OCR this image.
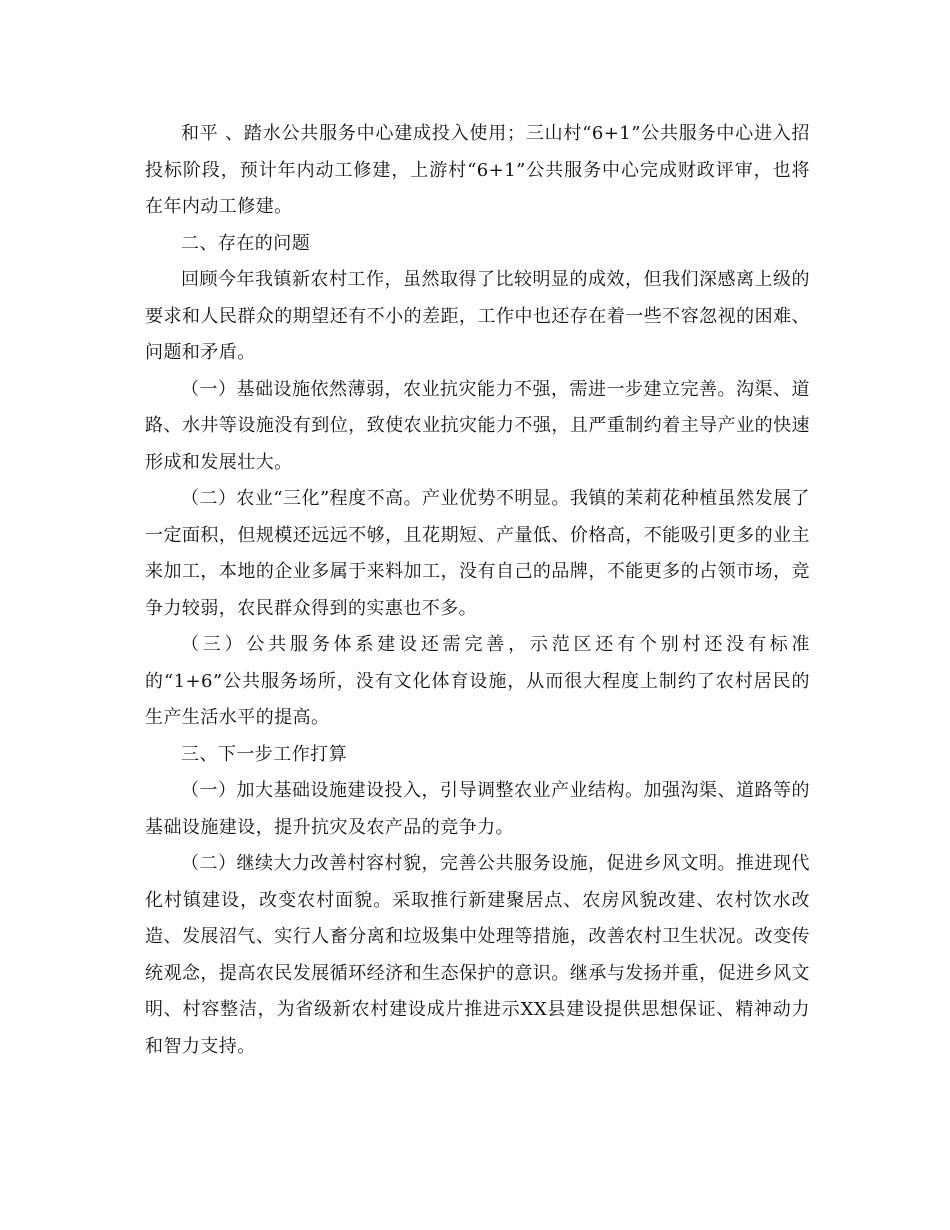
和平 、踏水公共服务中心建成投入使用；三山村“6+1”公共服务中心进入招投标阶段，预计年内动工修建，上游村“6+1”公共服务中心完成财政评审，也将在年内动工修建。

二、存在的问题

回顾今年我镇新农村工作，虽然取得了比较明显的成效，但我们深感离上级的要求和人民群众的期望还有不小的差距，工作中也还存在着一些不容忽视的困难、问题和矛盾。

（一）基础设施依然薄弱，农业抗灾能力不强，需进一步建立完善。沟渠、道路、水井等设施没有到位，致使农业抗灾能力不强，且严重制约着主导产业的快速形成和发展壮大。

（二）农业“三化”程度不高。产业优势不明显。我镇的茉莉花种植虽然发展了一定面积，但规模还远远不够，且花期短、产量低、价格高，不能吸引更多的业主来加工，本地的企业多属于来料加工，没有自己的品牌，不能更多的占领市场，竞争力较弱，农民群众得到的实惠也不多。

（三）公共服务体系建设还需完善，示范区还有个别村还没有标准的“1+6”公共服务场所，没有文化体育设施，从而很大程度上制约了农村居民的生产生活水平的提高。

三、下一步工作打算

（一）加大基础设施建设投入，引导调整农业产业结构。加强沟渠、道路等的基础设施建设，提升抗灾及农产品的竞争力。

（二）继续大力改善村容村貌，完善公共服务设施，促进乡风文明。推进现代化村镇建设，改变农村面貌。采取推行新建聚居点、农房风貌改建、农村饮水改造、发展沼气、实行人畜分离和垃圾集中处理等措施，改善农村卫生状况。改变传统观念，提高农民发展循环经济和生态保护的意识。继承与发扬并重，促进乡风文明、村容整洁，为省级新农村建设成片推进示XX县建设提供思想保证、精神动力和智力支持。
